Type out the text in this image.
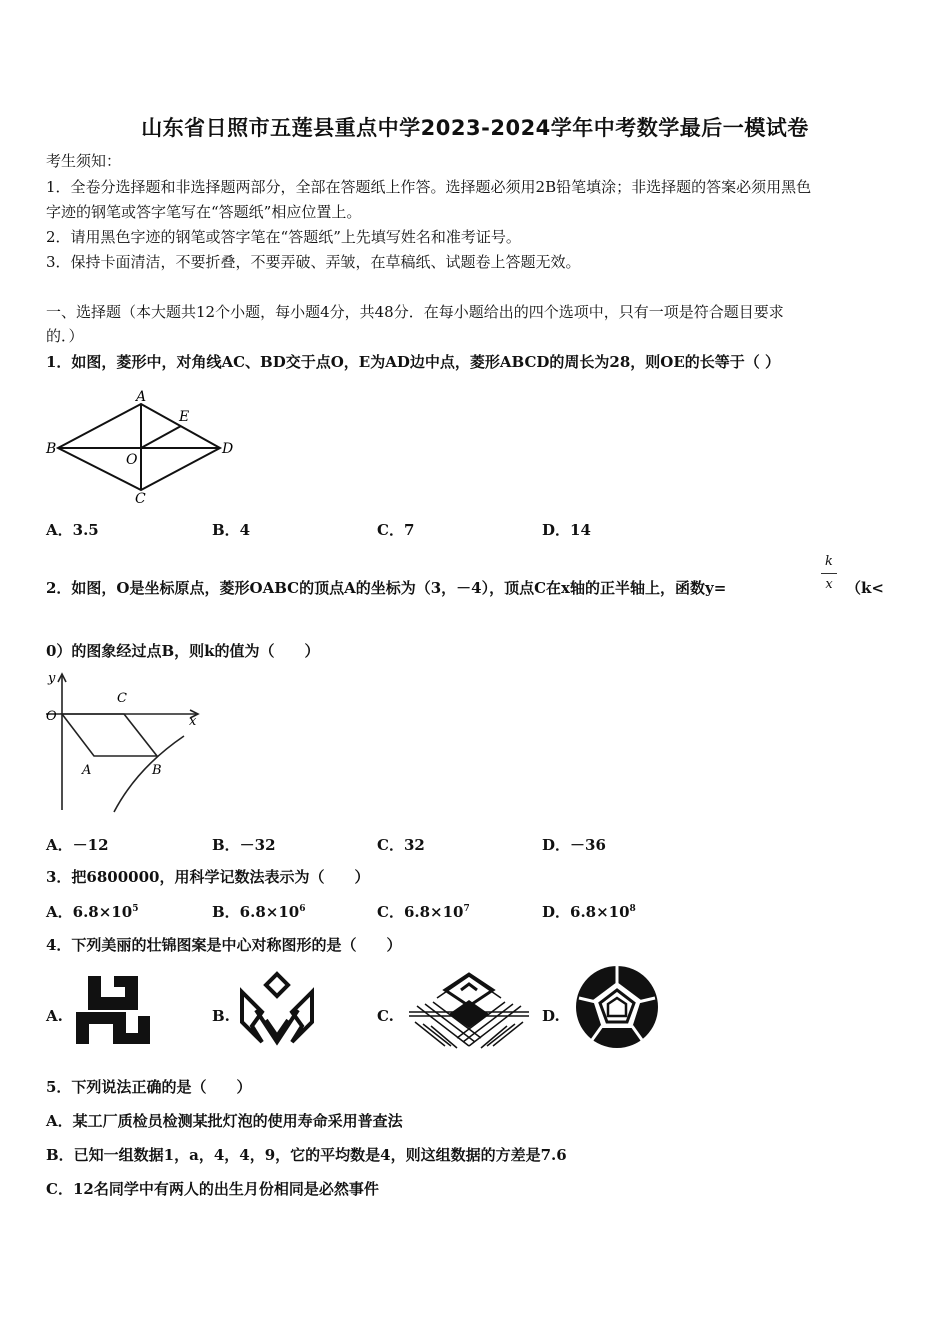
山东省日照市五莲县重点中学2023-2024学年中考数学最后一模试卷
考生须知：
1．全卷分选择题和非选择题两部分，全部在答题纸上作答。选择题必须用2B铅笔填涂；非选择题的答案必须用黑色
字迹的钢笔或答字笔写在“答题纸”相应位置上。
2．请用黑色字迹的钢笔或答字笔在“答题纸”上先填写姓名和准考证号。
3．保持卡面清洁，不要折叠，不要弄破、弄皱，在草稿纸、试题卷上答题无效。
一、选择题（本大题共12个小题，每小题4分，共48分．在每小题给出的四个选项中，只有一项是符合题目要求
的．）
1．如图，菱形中，对角线AC、BD交于点O，E为AD边中点，菱形ABCD的周长为28，则OE的长等于（ ）
A
B
C
D
E
O
A．3.5	B．4	C．7	D．14
2．如图，O是坐标原点，菱形OABC的顶点A的坐标为（3，－4），顶点C在x轴的正半轴上，函数y=
k
x （k<
0）的图象经过点B，则k的值为（　　）
y
x
O
A	B
C
A．－12	B．－32	C．32	D．－36
3．把6800000，用科学记数法表示为（　　）
A．$6.8\times 10^5$	B．$6.8\times 10^6$	C．$6.8\times 10^7$	D．$6.8\times 10^8$
4．下列美丽的壮锦图案是中心对称图形的是（　　）
A.	B.	C.	D.
5．下列说法正确的是（　　）
A．某工厂质检员检测某批灯泡的使用寿命采用普查法
B．已知一组数据1，a，4，4，9，它的平均数是4，则这组数据的方差是7.6
C．12名同学中有两人的出生月份相同是必然事件
